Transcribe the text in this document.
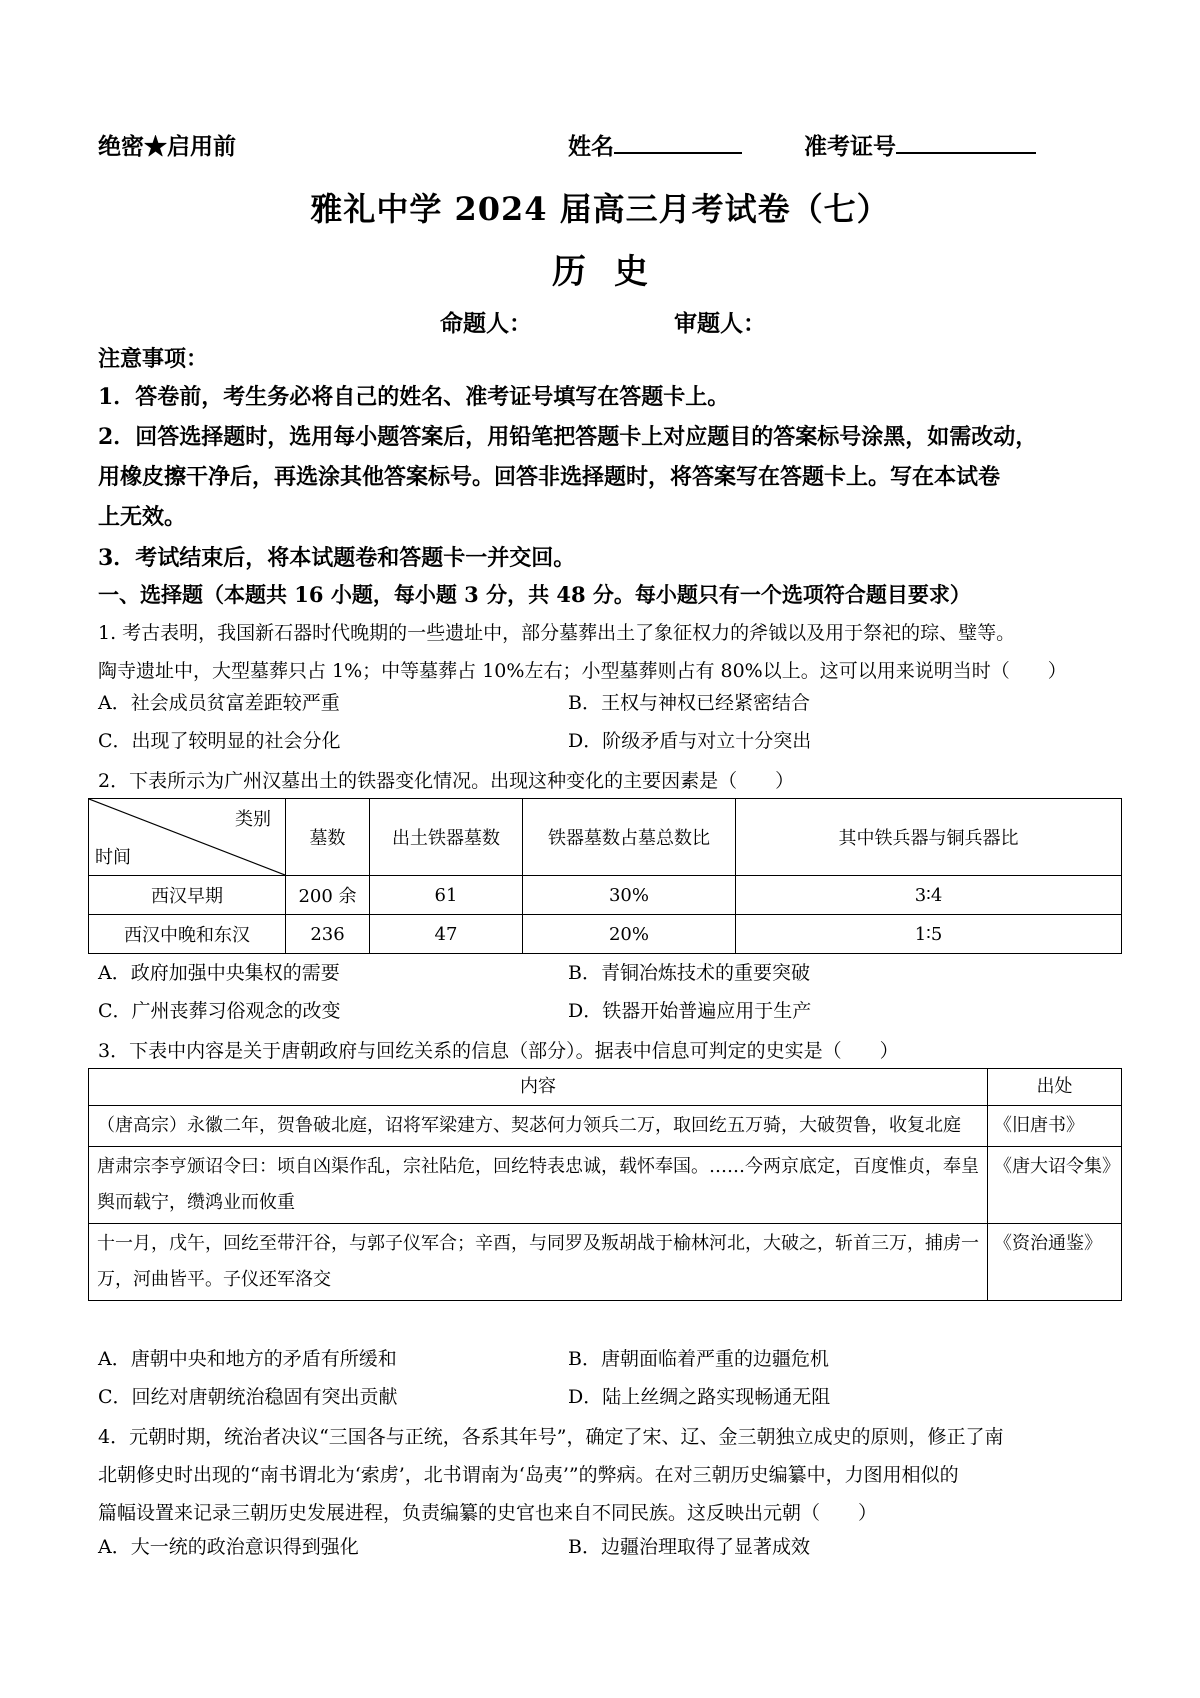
绝密★启用前	姓名	准考证号
雅礼中学 2024 届高三月考试卷（七）
历史
命题人：	审题人：
注意事项：
1．答卷前，考生务必将自己的姓名、准考证号填写在答题卡上。
2．回答选择题时，选用每小题答案后，用铅笔把答题卡上对应题目的答案标号涂黑，如需改动，
用橡皮擦干净后，再选涂其他答案标号。回答非选择题时，将答案写在答题卡上。写在本试卷
上无效。
3．考试结束后，将本试题卷和答题卡一并交回。
一、选择题（本题共 16 小题，每小题 3 分，共 48 分。每小题只有一个选项符合题目要求）
1. 考古表明，我国新石器时代晚期的一些遗址中，部分墓葬出土了象征权力的斧钺以及用于祭祀的琮、璧等。
陶寺遗址中，大型墓葬只占 1%；中等墓葬占 10%左右；小型墓葬则占有 80%以上。这可以用来说明当时（　　）
A．社会成员贫富差距较严重	B．王权与神权已经紧密结合
C．出现了较明显的社会分化	D．阶级矛盾与对立十分突出
2．下表所示为广州汉墓出土的铁器变化情况。出现这种变化的主要因素是（　　）
类别
时间	墓数	出土铁器墓数	铁器墓数占墓总数比	其中铁兵器与铜兵器比
西汉早期	200 余	61	30%	3∶4
西汉中晚和东汉	236	47	20%	1∶5
A．政府加强中央集权的需要	B．青铜冶炼技术的重要突破
C．广州丧葬习俗观念的改变	D．铁器开始普遍应用于生产
3．下表中内容是关于唐朝政府与回纥关系的信息（部分）。据表中信息可判定的史实是（　　）
内容	出处
（唐高宗）永徽二年，贺鲁破北庭，诏将军梁建方、契苾何力领兵二万，取回纥五万骑，大破贺鲁，收复北庭	《旧唐书》
唐肃宗李亨颁诏令曰：顷自凶渠作乱，宗社阽危，回纥特表忠诚，载怀奉国。……今两京底定，百度惟贞，奉皇舆而载宁，缵鸿业而攸重	《唐大诏令集》
十一月，戊午，回纥至带汗谷，与郭子仪军合；辛酉，与同罗及叛胡战于榆林河北，大破之，斩首三万，捕虏一万，河曲皆平。子仪还军洛交	《资治通鉴》
A．唐朝中央和地方的矛盾有所缓和	B．唐朝面临着严重的边疆危机
C．回纥对唐朝统治稳固有突出贡献	D．陆上丝绸之路实现畅通无阻
4．元朝时期，统治者决议“三国各与正统，各系其年号”，确定了宋、辽、金三朝独立成史的原则，修正了南
北朝修史时出现的“南书谓北为‘索虏’，北书谓南为‘岛夷’”的弊病。在对三朝历史编纂中，力图用相似的
篇幅设置来记录三朝历史发展进程，负责编纂的史官也来自不同民族。这反映出元朝（　　）
A．大一统的政治意识得到强化	B．边疆治理取得了显著成效
